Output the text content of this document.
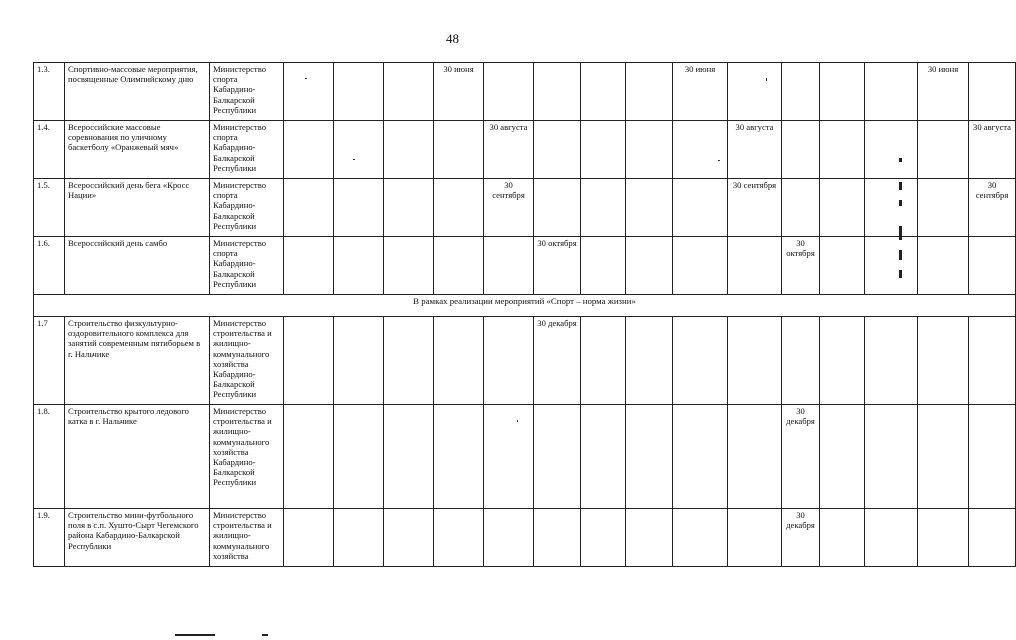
48
1.3.	Спортивно-массовые мероприятия, посвященные Олимпийскому дню	Министерство спорта Кабардино-Балкарской Республики				30 июня					30 июня					30 июня	
1.4.	Всероссийские массовые соревнования по уличному баскетболу «Оранжевый мяч»	Министерство спорта Кабардино-Балкарской Республики					30 августа					30 августа					30 августа
1.5.	Всероссийский день бега «Кросс Нации»	Министерство спорта Кабардино-Балкарской Республики					30 сентября					30 сентября					30 сентября
1.6.	Всероссийский день самбо	Министерство спорта Кабардино-Балкарской Республики						30 октября					30 октября				
В рамках реализации мероприятий «Спорт – норма жизни»																	
1.7	Строительство физкультурно-оздоровительного комплекса для занятий современным пятиборьем в г. Нальчике	Министерство строительства и жилищно-коммунального хозяйства Кабардино-Балкарской Республики						30 декабря									
1.8.	Строительство крытого ледового катка в г. Нальчике	Министерство строительства и жилищно-коммунального хозяйства Кабардино-Балкарской Республики											30 декабря				
1.9.	Строительство мини-футбольного поля в с.п. Хушто-Сырт Чегемского района Кабардино-Балкарской Республики	Министерство строительства и жилищно-коммунального хозяйства											30 декабря				
